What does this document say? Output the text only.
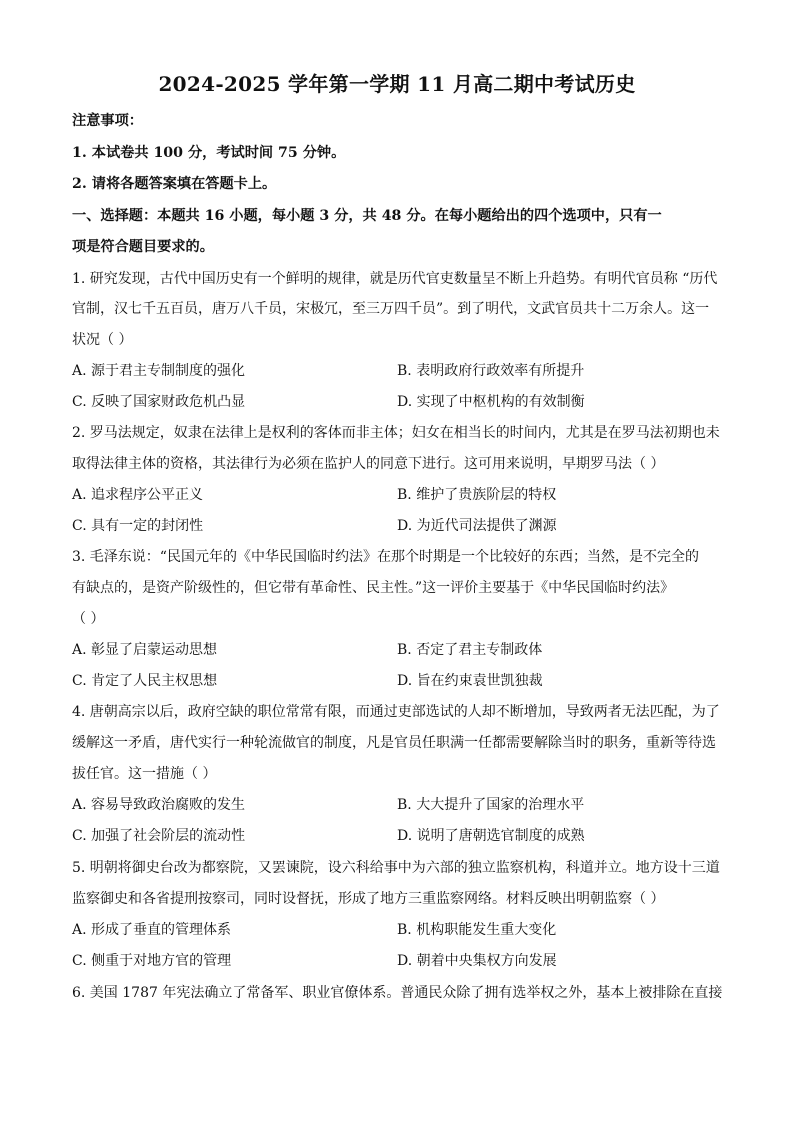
2024-2025 学年第一学期 11 月高二期中考试历史
注意事项：
1. 本试卷共 100 分，考试时间 75 分钟。
2. 请将各题答案填在答题卡上。
一、选择题：本题共 16 小题，每小题 3 分，共 48 分。在每小题给出的四个选项中，只有一
项是符合题目要求的。
1. 研究发现，古代中国历史有一个鲜明的规律，就是历代官吏数量呈不断上升趋势。有明代官员称 “历代
官制，汉七千五百员，唐万八千员，宋极冗，至三万四千员”。到了明代，文武官员共十二万余人。这一
状况（ ）
A. 源于君主专制制度的强化	B. 表明政府行政效率有所提升
C. 反映了国家财政危机凸显	D. 实现了中枢机构的有效制衡
2. 罗马法规定，奴隶在法律上是权利的客体而非主体；妇女在相当长的时间内，尤其是在罗马法初期也未
取得法律主体的资格，其法律行为必须在监护人的同意下进行。这可用来说明，早期罗马法（ ）
A. 追求程序公平正义	B. 维护了贵族阶层的特权
C. 具有一定的封闭性	D. 为近代司法提供了渊源
3. 毛泽东说：“民国元年的《中华民国临时约法》在那个时期是一个比较好的东西；当然，是不完全的
有缺点的，是资产阶级性的，但它带有革命性、民主性。”这一评价主要基于《中华民国临时约法》
（ ）
A. 彰显了启蒙运动思想	B. 否定了君主专制政体
C. 肯定了人民主权思想	D. 旨在约束袁世凯独裁
4. 唐朝高宗以后，政府空缺的职位常常有限，而通过吏部选试的人却不断增加，导致两者无法匹配，为了
缓解这一矛盾，唐代实行一种轮流做官的制度，凡是官员任职满一任都需要解除当时的职务，重新等待选
拔任官。这一措施（ ）
A. 容易导致政治腐败的发生	B. 大大提升了国家的治理水平
C. 加强了社会阶层的流动性	D. 说明了唐朝选官制度的成熟
5. 明朝将御史台改为都察院，又罢谏院，设六科给事中为六部的独立监察机构，科道并立。地方设十三道
监察御史和各省提刑按察司，同时设督抚，形成了地方三重监察网络。材料反映出明朝监察（ ）
A. 形成了垂直的管理体系	B. 机构职能发生重大变化
C. 侧重于对地方官的管理	D. 朝着中央集权方向发展
6. 美国 1787 年宪法确立了常备军、职业官僚体系。普通民众除了拥有选举权之外，基本上被排除在直接
